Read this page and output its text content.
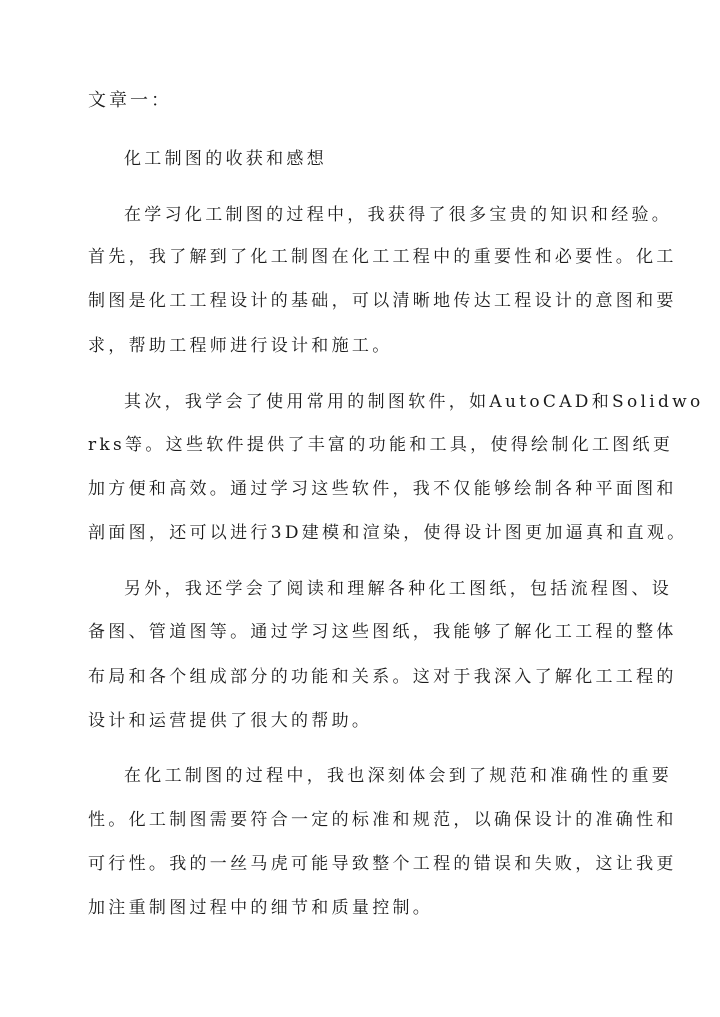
文章一：
化工制图的收获和感想
在学习化工制图的过程中，我获得了很多宝贵的知识和经验。
首先，我了解到了化工制图在化工工程中的重要性和必要性。化工
制图是化工工程设计的基础，可以清晰地传达工程设计的意图和要
求，帮助工程师进行设计和施工。
其次，我学会了使用常用的制图软件，如AutoCAD和Solidwo
rks等。这些软件提供了丰富的功能和工具，使得绘制化工图纸更
加方便和高效。通过学习这些软件，我不仅能够绘制各种平面图和
剖面图，还可以进行3D建模和渲染，使得设计图更加逼真和直观。
另外，我还学会了阅读和理解各种化工图纸，包括流程图、设
备图、管道图等。通过学习这些图纸，我能够了解化工工程的整体
布局和各个组成部分的功能和关系。这对于我深入了解化工工程的
设计和运营提供了很大的帮助。
在化工制图的过程中，我也深刻体会到了规范和准确性的重要
性。化工制图需要符合一定的标准和规范，以确保设计的准确性和
可行性。我的一丝马虎可能导致整个工程的错误和失败，这让我更
加注重制图过程中的细节和质量控制。
